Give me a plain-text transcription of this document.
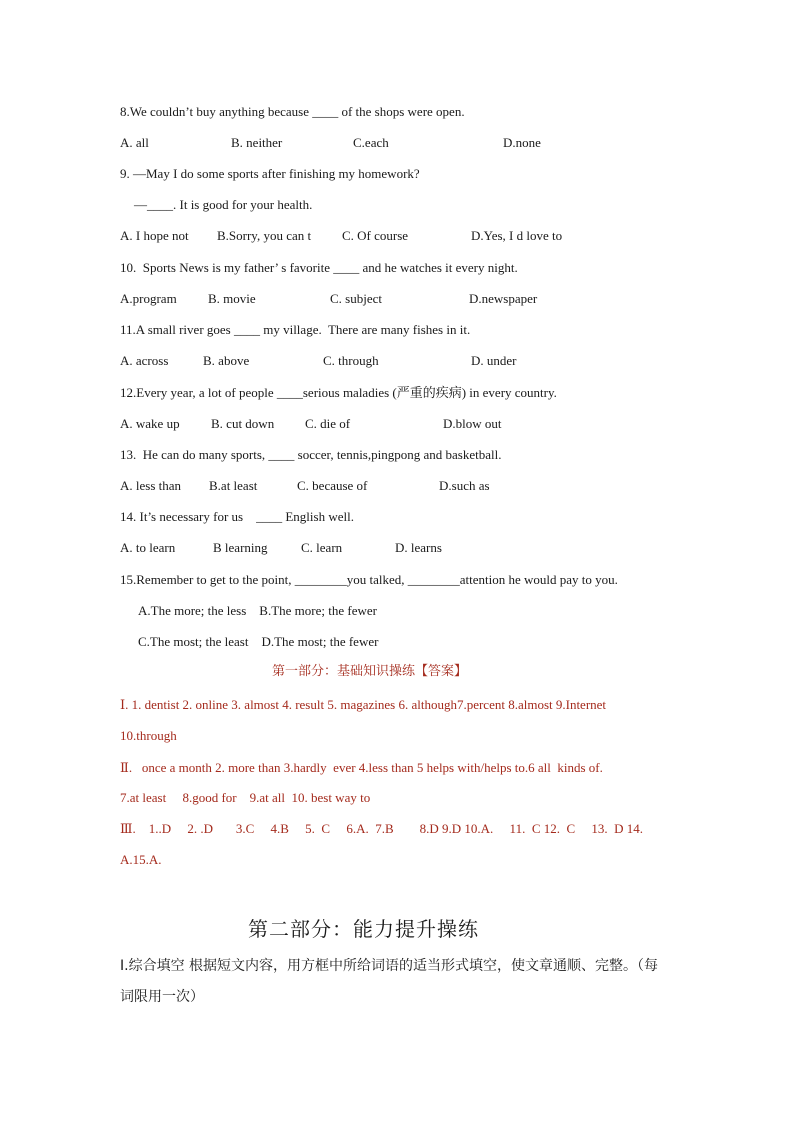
8.We couldn’t buy anything because ____ of the shops were open.
A. all	B. neither	C.each	D.none
9. —May I do some sports after finishing my homework?
—____. It is good for your health.
A. I hope not B.Sorry, you can t C. Of course	D.Yes, I d love to
10.  Sports News is my father’ s favorite ____ and he watches it every night.
A.program B. movie	C. subject	D.newspaper
11.A small river goes ____ my village.  There are many fishes in it.
A. across	B. above	C. through	D. under
12.Every year, a lot of people ____serious maladies (严重的疾病) in every country.
A. wake up B. cut down C. die of	D.blow out
13.  He can do many sports, ____ soccer, tennis,pingpong and basketball.
A. less than B.at least	C. because of	D.such as
14. It’s necessary for us    ____ English well.
A. to learn	B learning	C. learn	D. learns
15.Remember to get to the point, ________you talked, ________attention he would pay to you.
A.The more; the less    B.The more; the fewer
C.The most; the least    D.The most; the fewer
第一部分：基础知识操练【答案】
Ⅰ. 1. dentist 2. online 3. almost 4. result 5. magazines 6. although7.percent 8.almost 9.Internet
10.through
Ⅱ.   once a month 2. more than 3.hardly  ever 4.less than 5 helps with/helps to.6 all  kinds of.
7.at least     8.good for    9.at all  10. best way to
Ⅲ.    1..D     2. .D       3.C     4.B     5.  C     6.A.  7.B        8.D 9.D 10.A.     11.  C 12.  C     13.  D 14.
A.15.A.
第二部分：能力提升操练
Ⅰ.综合填空 根据短文内容，用方框中所给词语的适当形式填空，使文章通顺、完整。（每
词限用一次）
